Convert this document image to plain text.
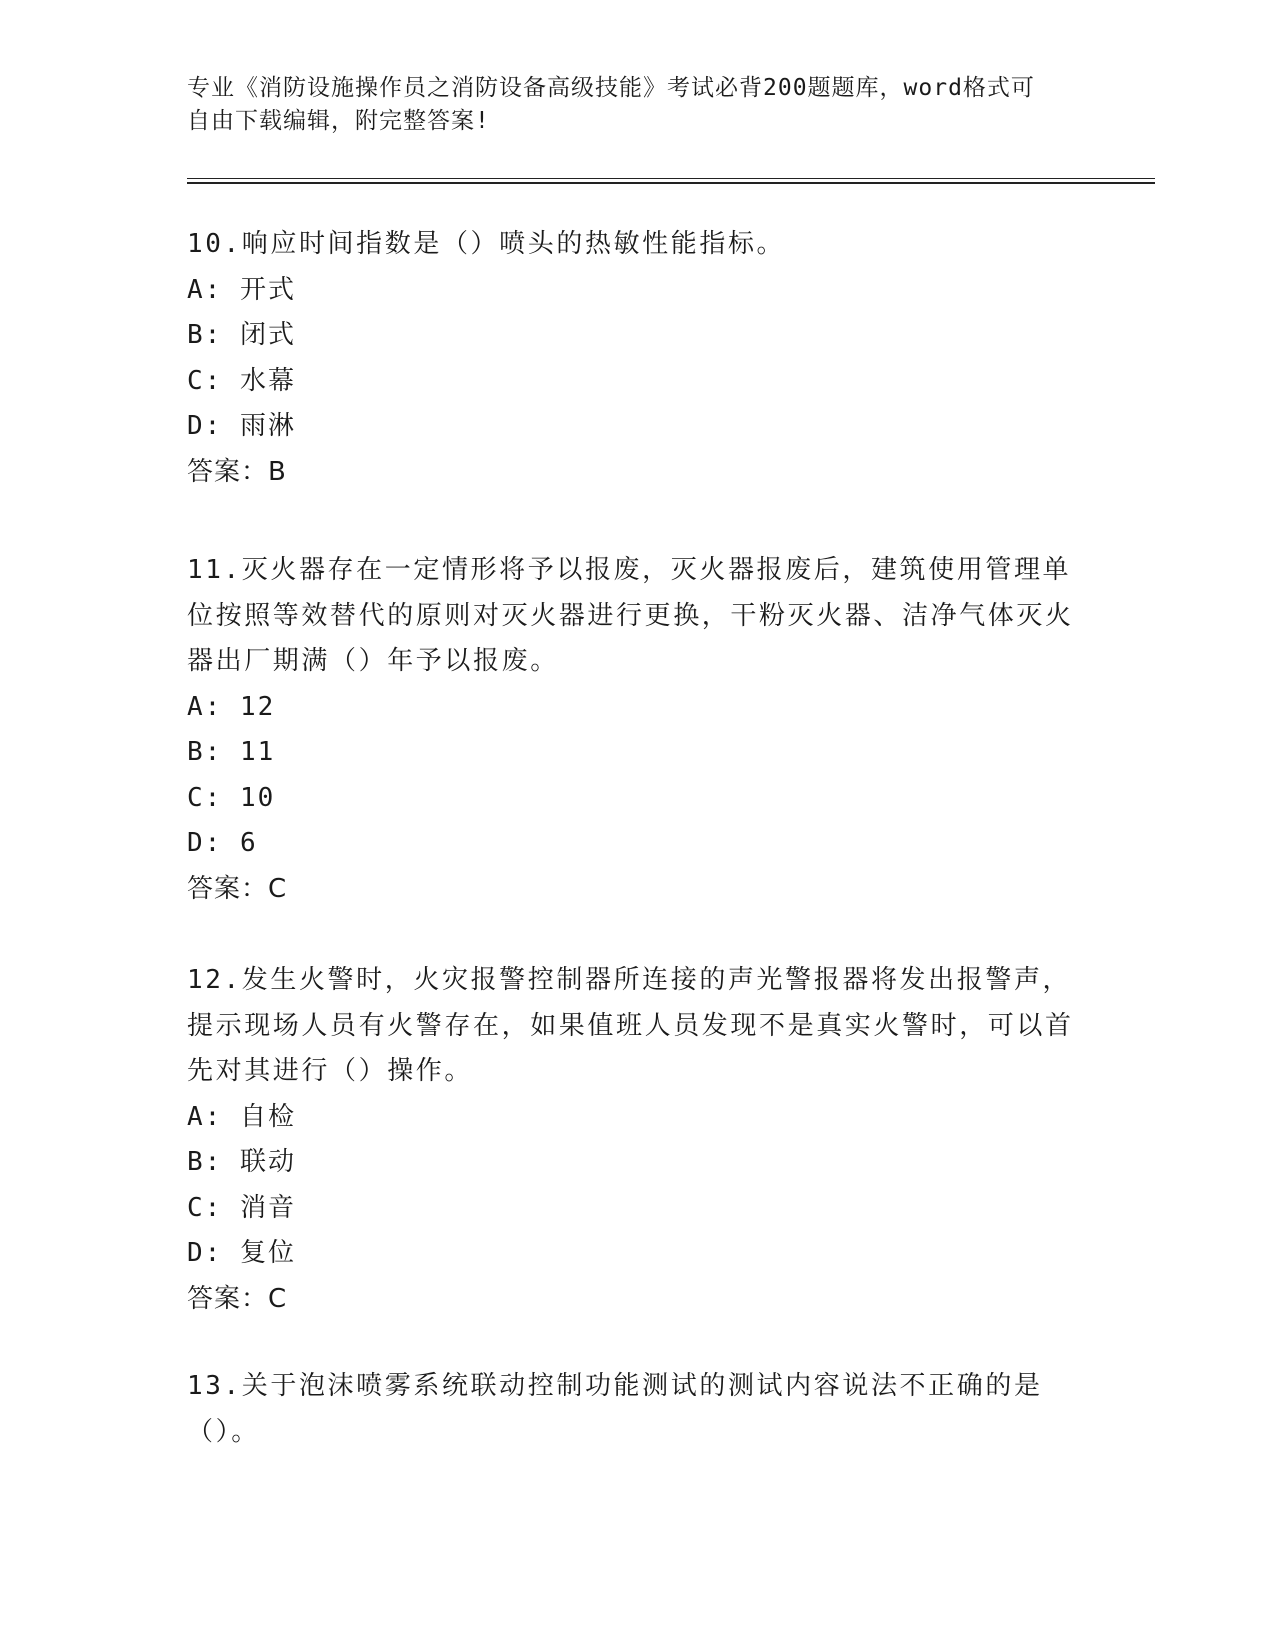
专业《消防设施操作员之消防设备高级技能》考试必背200题题库，word格式可
自由下载编辑，附完整答案!

10.响应时间指数是（）喷头的热敏性能指标。

A: 开式

B: 闭式

C: 水幕

D: 雨淋

答案：B

11.灭火器存在一定情形将予以报废，灭火器报废后，建筑使用管理单位按照等效替代的原则对灭火器进行更换，干粉灭火器、洁净气体灭火器出厂期满（）年予以报废。

A: 12

B: 11

C: 10

D: 6

答案：C

12.发生火警时，火灾报警控制器所连接的声光警报器将发出报警声，提示现场人员有火警存在，如果值班人员发现不是真实火警时，可以首先对其进行（）操作。

A: 自检

B: 联动

C: 消音

D: 复位

答案：C

13.关于泡沫喷雾系统联动控制功能测试的测试内容说法不正确的是（）。
